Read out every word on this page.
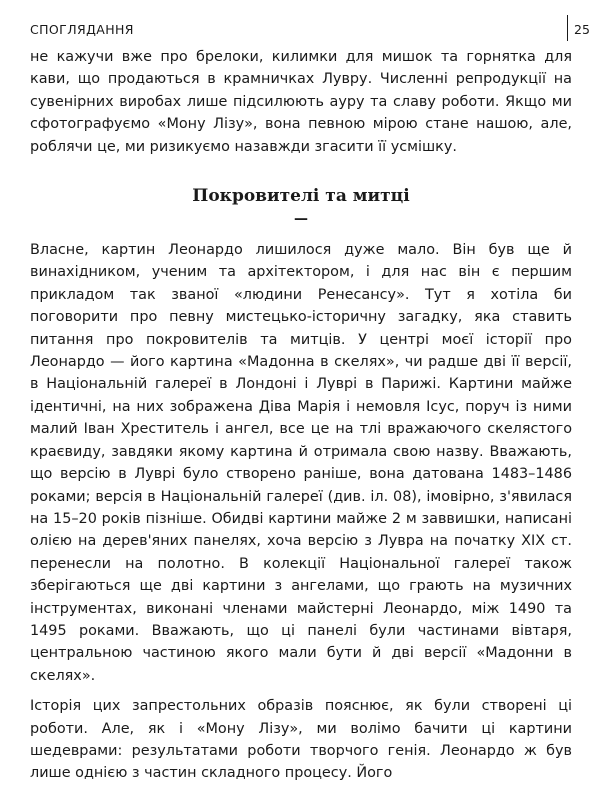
СПОГЛЯДАННЯ	25

не кажучи вже про брелоки, килимки для мишок та горнятка для кави, що продаються в крамничках Лувру. Численні репродукції на сувенірних виробах лише підсилюють ауру та славу роботи. Якщо ми сфотографуємо «Мону Лізу», вона певною мірою стане нашою, але, роблячи це, ми ризикуємо назавжди згасити її усмішку.

Покровителі та митці
—

Власне, картин Леонардо лишилося дуже мало. Він був ще й винахідником, ученим та архітектором, і для нас він є першим прикладом так званої «людини Ренесансу». Тут я хотіла би поговорити про певну мистецько-історичну загадку, яка ставить питання про покровителів та митців. У центрі моєї історії про Леонардо — його картина «Мадонна в скелях», чи радше дві її версії, в Національній галереї в Лондоні і Луврі в Парижі. Картини майже ідентичні, на них зображена Діва Марія і немовля Ісус, поруч із ними малий Іван Хреститель і ангел, все це на тлі вражаючого скелястого краєвиду, завдяки якому картина й отримала свою назву. Вважають, що версію в Луврі було створено раніше, вона датована 1483–1486 роками; версія в Національній галереї (див. іл. 08), імовірно, з'явилася на 15–20 років пізніше. Обидві картини майже 2 м заввишки, написані олією на дерев'яних панелях, хоча версію з Лувра на початку XIX ст. перенесли на полотно. В колекції Національної галереї також зберігаються ще дві картини з ангелами, що грають на музичних інструментах, виконані членами майстерні Леонардо, між 1490 та 1495 роками. Вважають, що ці панелі були частинами вівтаря, центральною частиною якого мали бути й дві версії «Мадонни в скелях».

Історія цих запрестольних образів пояснює, як були створені ці роботи. Але, як і «Мону Лізу», ми волімо бачити ці картини шедеврами: результатами роботи творчого генія. Леонардо ж був лише однією з частин складного процесу. Його
